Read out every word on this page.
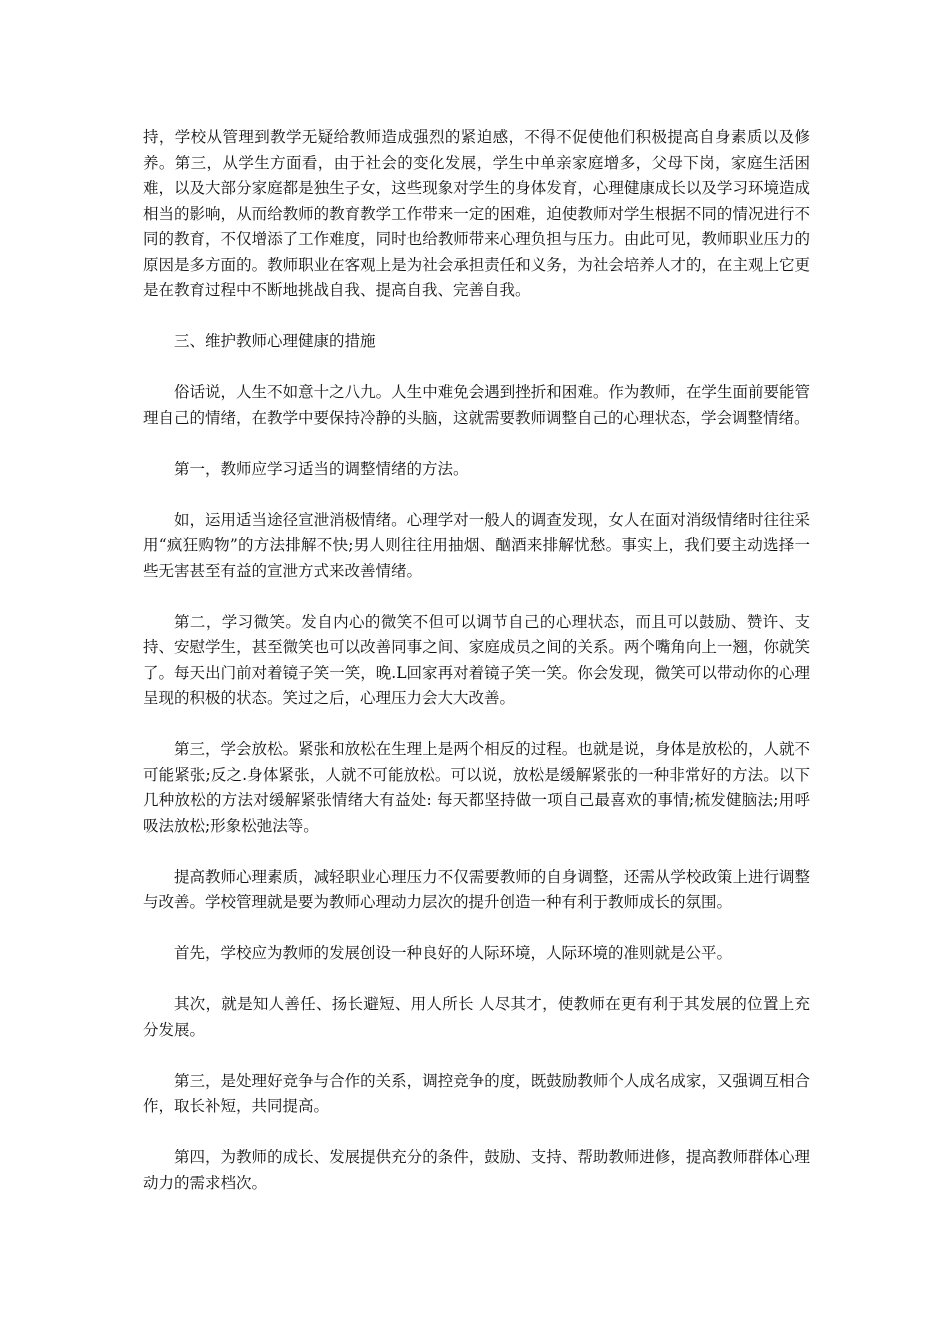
持，学校从管理到教学无疑给教师造成强烈的紧迫感，不得不促使他们积极提高自身素质以及修养。第三，从学生方面看，由于社会的变化发展，学生中单亲家庭增多，父母下岗，家庭生活困难，以及大部分家庭都是独生子女，这些现象对学生的身体发育，心理健康成长以及学习环境造成相当的影响，从而给教师的教育教学工作带来一定的困难，迫使教师对学生根据不同的情况进行不同的教育，不仅增添了工作难度，同时也给教师带来心理负担与压力。由此可见，教师职业压力的原因是多方面的。教师职业在客观上是为社会承担责任和义务，为社会培养人才的，在主观上它更是在教育过程中不断地挑战自我、提高自我、完善自我。

三、维护教师心理健康的措施

俗话说，人生不如意十之八九。人生中难免会遇到挫折和困难。作为教师，在学生面前要能管理自己的情绪，在教学中要保持冷静的头脑，这就需要教师调整自己的心理状态，学会调整情绪。

第一，教师应学习适当的调整情绪的方法。

如，运用适当途径宣泄消极情绪。心理学对一般人的调查发现，女人在面对消级情绪时往往采用“疯狂购物”的方法排解不快;男人则往往用抽烟、酗酒来排解忧愁。事实上，我们要主动选择一些无害甚至有益的宣泄方式来改善情绪。

第二，学习微笑。发自内心的微笑不但可以调节自己的心理状态，而且可以鼓励、赞许、支持、安慰学生，甚至微笑也可以改善同事之间、家庭成员之间的关系。两个嘴角向上一翘，你就笑了。每天出门前对着镜子笑一笑，晚.L回家再对着镜子笑一笑。你会发现，微笑可以带动你的心理呈现的积极的状态。笑过之后，心理压力会大大改善。

第三，学会放松。紧张和放松在生理上是两个相反的过程。也就是说，身体是放松的，人就不可能紧张;反之.身体紧张，人就不可能放松。可以说，放松是缓解紧张的一种非常好的方法。以下几种放松的方法对缓解紧张情绪大有益处: 每天都坚持做一项自己最喜欢的事情;梳发健脑法;用呼吸法放松;形象松弛法等。

提高教师心理素质，减轻职业心理压力不仅需要教师的自身调整，还需从学校政策上进行调整与改善。学校管理就是要为教师心理动力层次的提升创造一种有利于教师成长的氛围。

首先，学校应为教师的发展创设一种良好的人际环境，人际环境的准则就是公平。

其次，就是知人善任、扬长避短、用人所长 人尽其才，使教师在更有利于其发展的位置上充分发展。

第三，是处理好竞争与合作的关系，调控竞争的度，既鼓励教师个人成名成家，又强调互相合作，取长补短，共同提高。

第四，为教师的成长、发展提供充分的条件，鼓励、支持、帮助教师进修，提高教师群体心理动力的需求档次。
